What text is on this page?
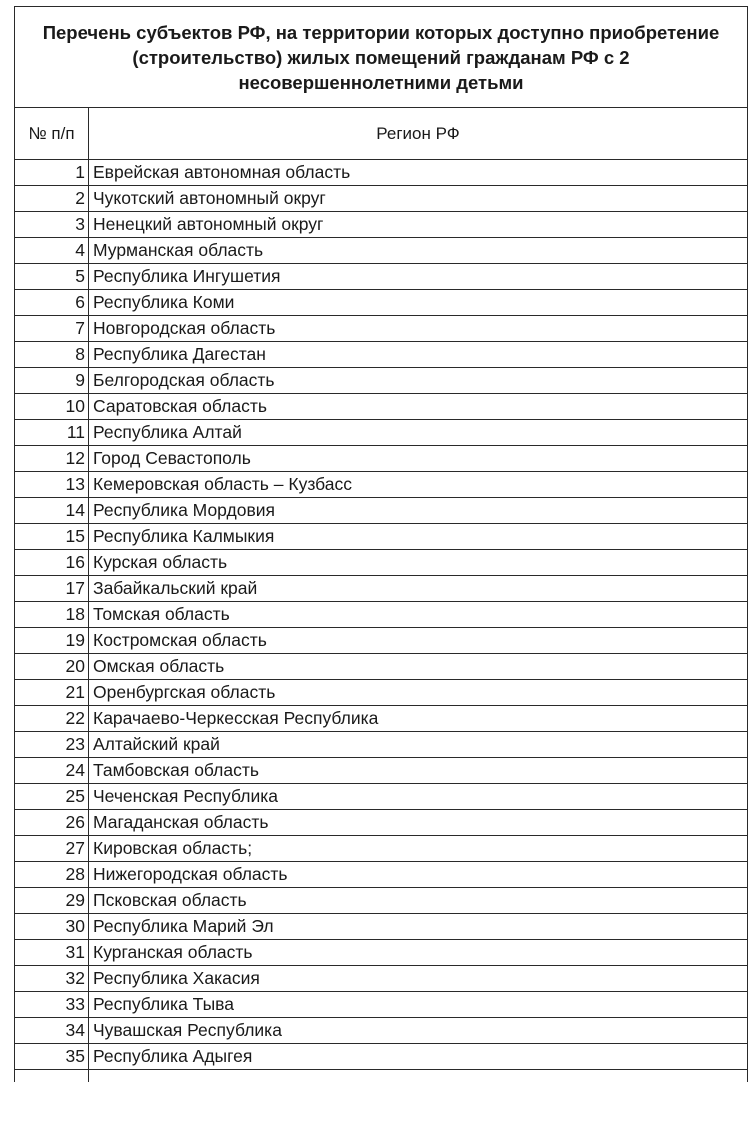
Перечень субъектов РФ, на территории которых доступно приобретение (строительство) жилых помещений гражданам РФ с 2 несовершеннолетними детьми	
№ п/п	Регион РФ
1	Еврейская автономная область
2	Чукотский автономный округ
3	Ненецкий автономный округ
4	Мурманская область
5	Республика Ингушетия
6	Республика Коми
7	Новгородская область
8	Республика Дагестан
9	Белгородская область
10	Саратовская область
11	Республика Алтай
12	Город Севастополь
13	Кемеровская область – Кузбасс
14	Республика Мордовия
15	Республика Калмыкия
16	Курская область
17	Забайкальский край
18	Томская область
19	Костромская область
20	Омская область
21	Оренбургская область
22	Карачаево-Черкесская Республика
23	Алтайский край
24	Тамбовская область
25	Чеченская Республика
26	Магаданская область
27	Кировская область;
28	Нижегородская область
29	Псковская область
30	Республика Марий Эл
31	Курганская область
32	Республика Хакасия
33	Республика Тыва
34	Чувашская Республика
35	Республика Адыгея
